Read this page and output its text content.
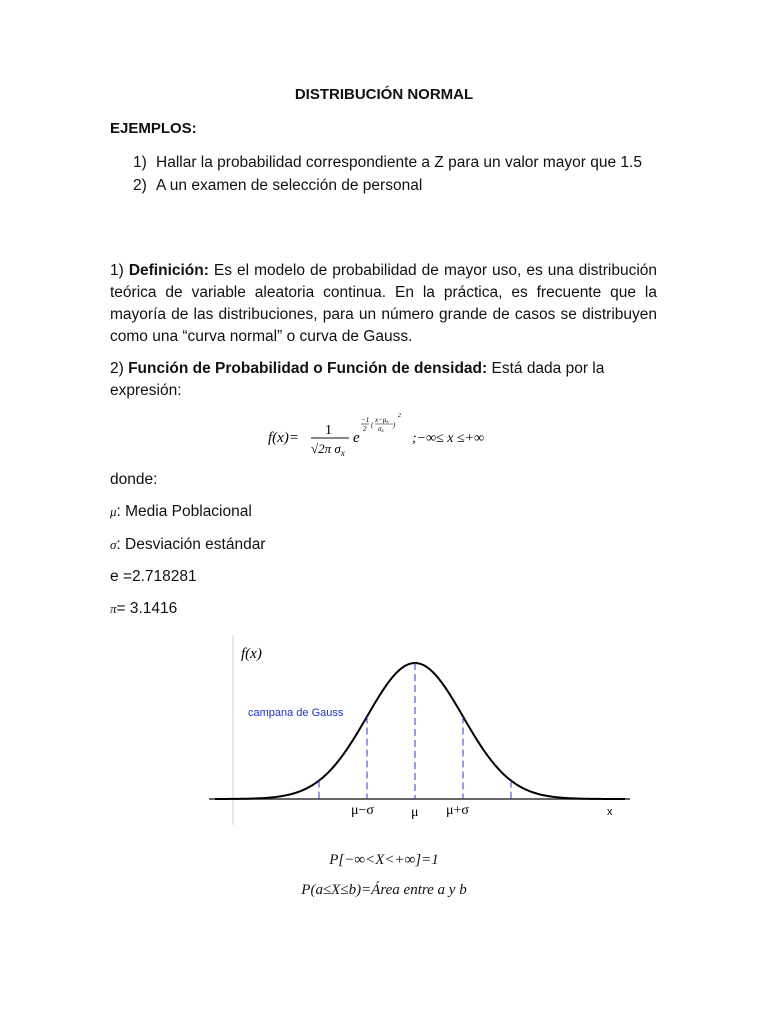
DISTRIBUCIÓN NORMAL
EJEMPLOS:
1) Hallar la probabilidad correspondiente a Z para un valor mayor que 1.5
2) A un examen de selección de personal
1) Definición: Es el modelo de probabilidad de mayor uso, es una distribución teórica de variable aleatoria continua. En la práctica, es frecuente que la mayoría de las distribuciones, para un número grande de casos se distribuyen como una “curva normal” o curva de Gauss.
2) Función de Probabilidad o Función de densidad: Está dada por la expresión:
f(x)= 1
√2π $\sigma_x$
e
−1
2 (
x−μx
σx
)
2
;−∞≤ x ≤+∞
donde:
μ: Media Poblacional
σ: Desviación estándar
e =2.718281
π= 3.1416
f(x)
campana de Gauss
μ−σ	μ μ+σ	x
P[−∞<X<+∞]=1
P(a≤X≤b)=Área entre a y b
